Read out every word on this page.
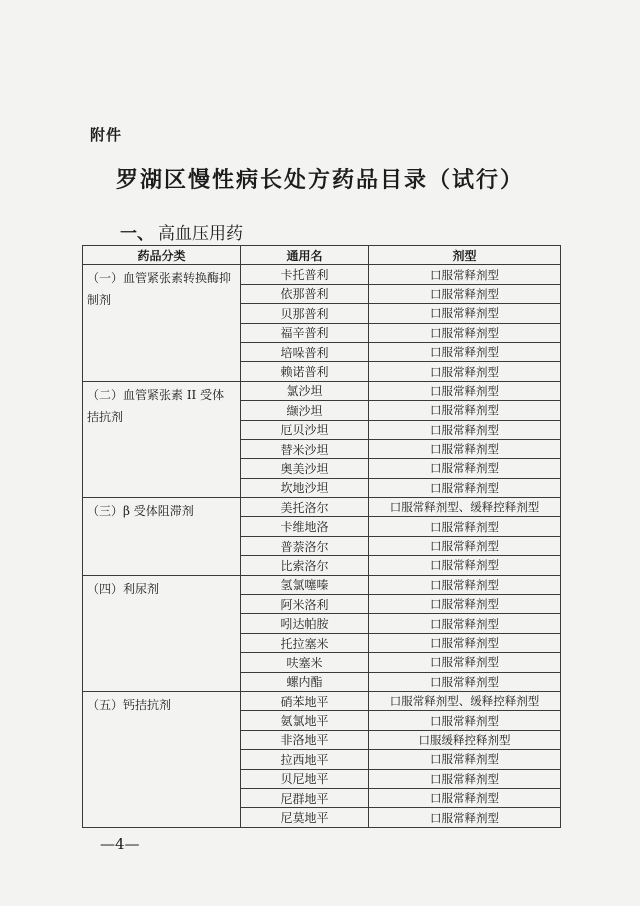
附件
罗湖区慢性病长处方药品目录（试行）
一、 高血压用药
药品分类	通用名	剂型
（一）血管紧张素转换酶抑制剂	卡托普利	口服常释剂型
	依那普利	口服常释剂型
	贝那普利	口服常释剂型
	福辛普利	口服常释剂型
	培哚普利	口服常释剂型
	赖诺普利	口服常释剂型
（二）血管紧张素 II 受体拮抗剂	氯沙坦	口服常释剂型
	缬沙坦	口服常释剂型
	厄贝沙坦	口服常释剂型
	替米沙坦	口服常释剂型
	奥美沙坦	口服常释剂型
	坎地沙坦	口服常释剂型
（三）β 受体阻滞剂	美托洛尔	口服常释剂型、缓释控释剂型
	卡维地洛	口服常释剂型
	普萘洛尔	口服常释剂型
	比索洛尔	口服常释剂型
（四）利尿剂	氢氯噻嗪	口服常释剂型
	阿米洛利	口服常释剂型
	吲达帕胺	口服常释剂型
	托拉塞米	口服常释剂型
	呋塞米	口服常释剂型
	螺内酯	口服常释剂型
（五）钙拮抗剂	硝苯地平	口服常释剂型、缓释控释剂型
	氨氯地平	口服常释剂型
	非洛地平	口服缓释控释剂型
	拉西地平	口服常释剂型
	贝尼地平	口服常释剂型
	尼群地平	口服常释剂型
	尼莫地平	口服常释剂型
—4—
